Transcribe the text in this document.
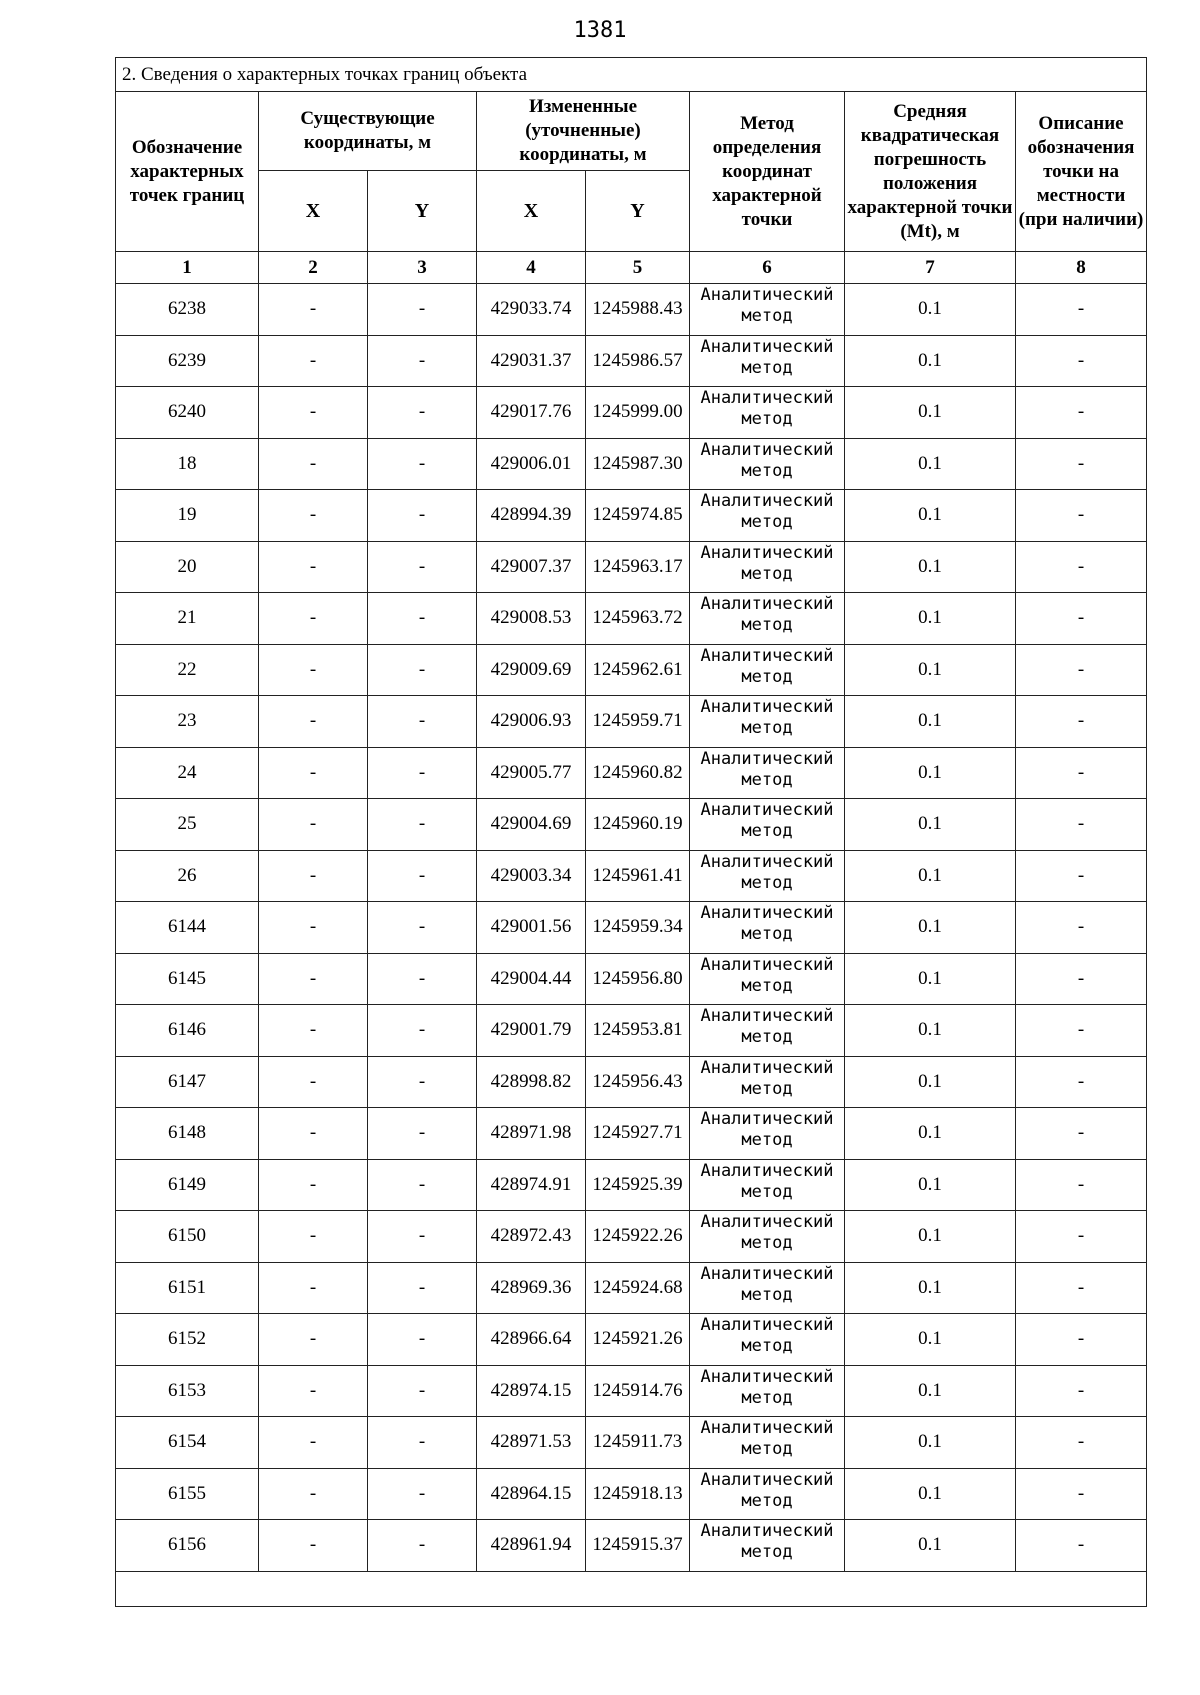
1381
2. Сведения о характерных точках границ объекта							
Обозначение характерных точек границ	Существующие координаты, м		Измененные (уточненные) координаты, м		Метод определения координат характерной точки	Средняя квадратическая погрешность положения характерной точки (Mt), м	Описание обозначения точки на местности (при наличии)
	X	Y	X	Y			
1	2	3	4	5	6	7	8
6238	-	-	429033.74	1245988.43	Аналитический метод	0.1	-
6239	-	-	429031.37	1245986.57	Аналитический метод	0.1	-
6240	-	-	429017.76	1245999.00	Аналитический метод	0.1	-
18	-	-	429006.01	1245987.30	Аналитический метод	0.1	-
19	-	-	428994.39	1245974.85	Аналитический метод	0.1	-
20	-	-	429007.37	1245963.17	Аналитический метод	0.1	-
21	-	-	429008.53	1245963.72	Аналитический метод	0.1	-
22	-	-	429009.69	1245962.61	Аналитический метод	0.1	-
23	-	-	429006.93	1245959.71	Аналитический метод	0.1	-
24	-	-	429005.77	1245960.82	Аналитический метод	0.1	-
25	-	-	429004.69	1245960.19	Аналитический метод	0.1	-
26	-	-	429003.34	1245961.41	Аналитический метод	0.1	-
6144	-	-	429001.56	1245959.34	Аналитический метод	0.1	-
6145	-	-	429004.44	1245956.80	Аналитический метод	0.1	-
6146	-	-	429001.79	1245953.81	Аналитический метод	0.1	-
6147	-	-	428998.82	1245956.43	Аналитический метод	0.1	-
6148	-	-	428971.98	1245927.71	Аналитический метод	0.1	-
6149	-	-	428974.91	1245925.39	Аналитический метод	0.1	-
6150	-	-	428972.43	1245922.26	Аналитический метод	0.1	-
6151	-	-	428969.36	1245924.68	Аналитический метод	0.1	-
6152	-	-	428966.64	1245921.26	Аналитический метод	0.1	-
6153	-	-	428974.15	1245914.76	Аналитический метод	0.1	-
6154	-	-	428971.53	1245911.73	Аналитический метод	0.1	-
6155	-	-	428964.15	1245918.13	Аналитический метод	0.1	-
6156	-	-	428961.94	1245915.37	Аналитический метод	0.1	-
